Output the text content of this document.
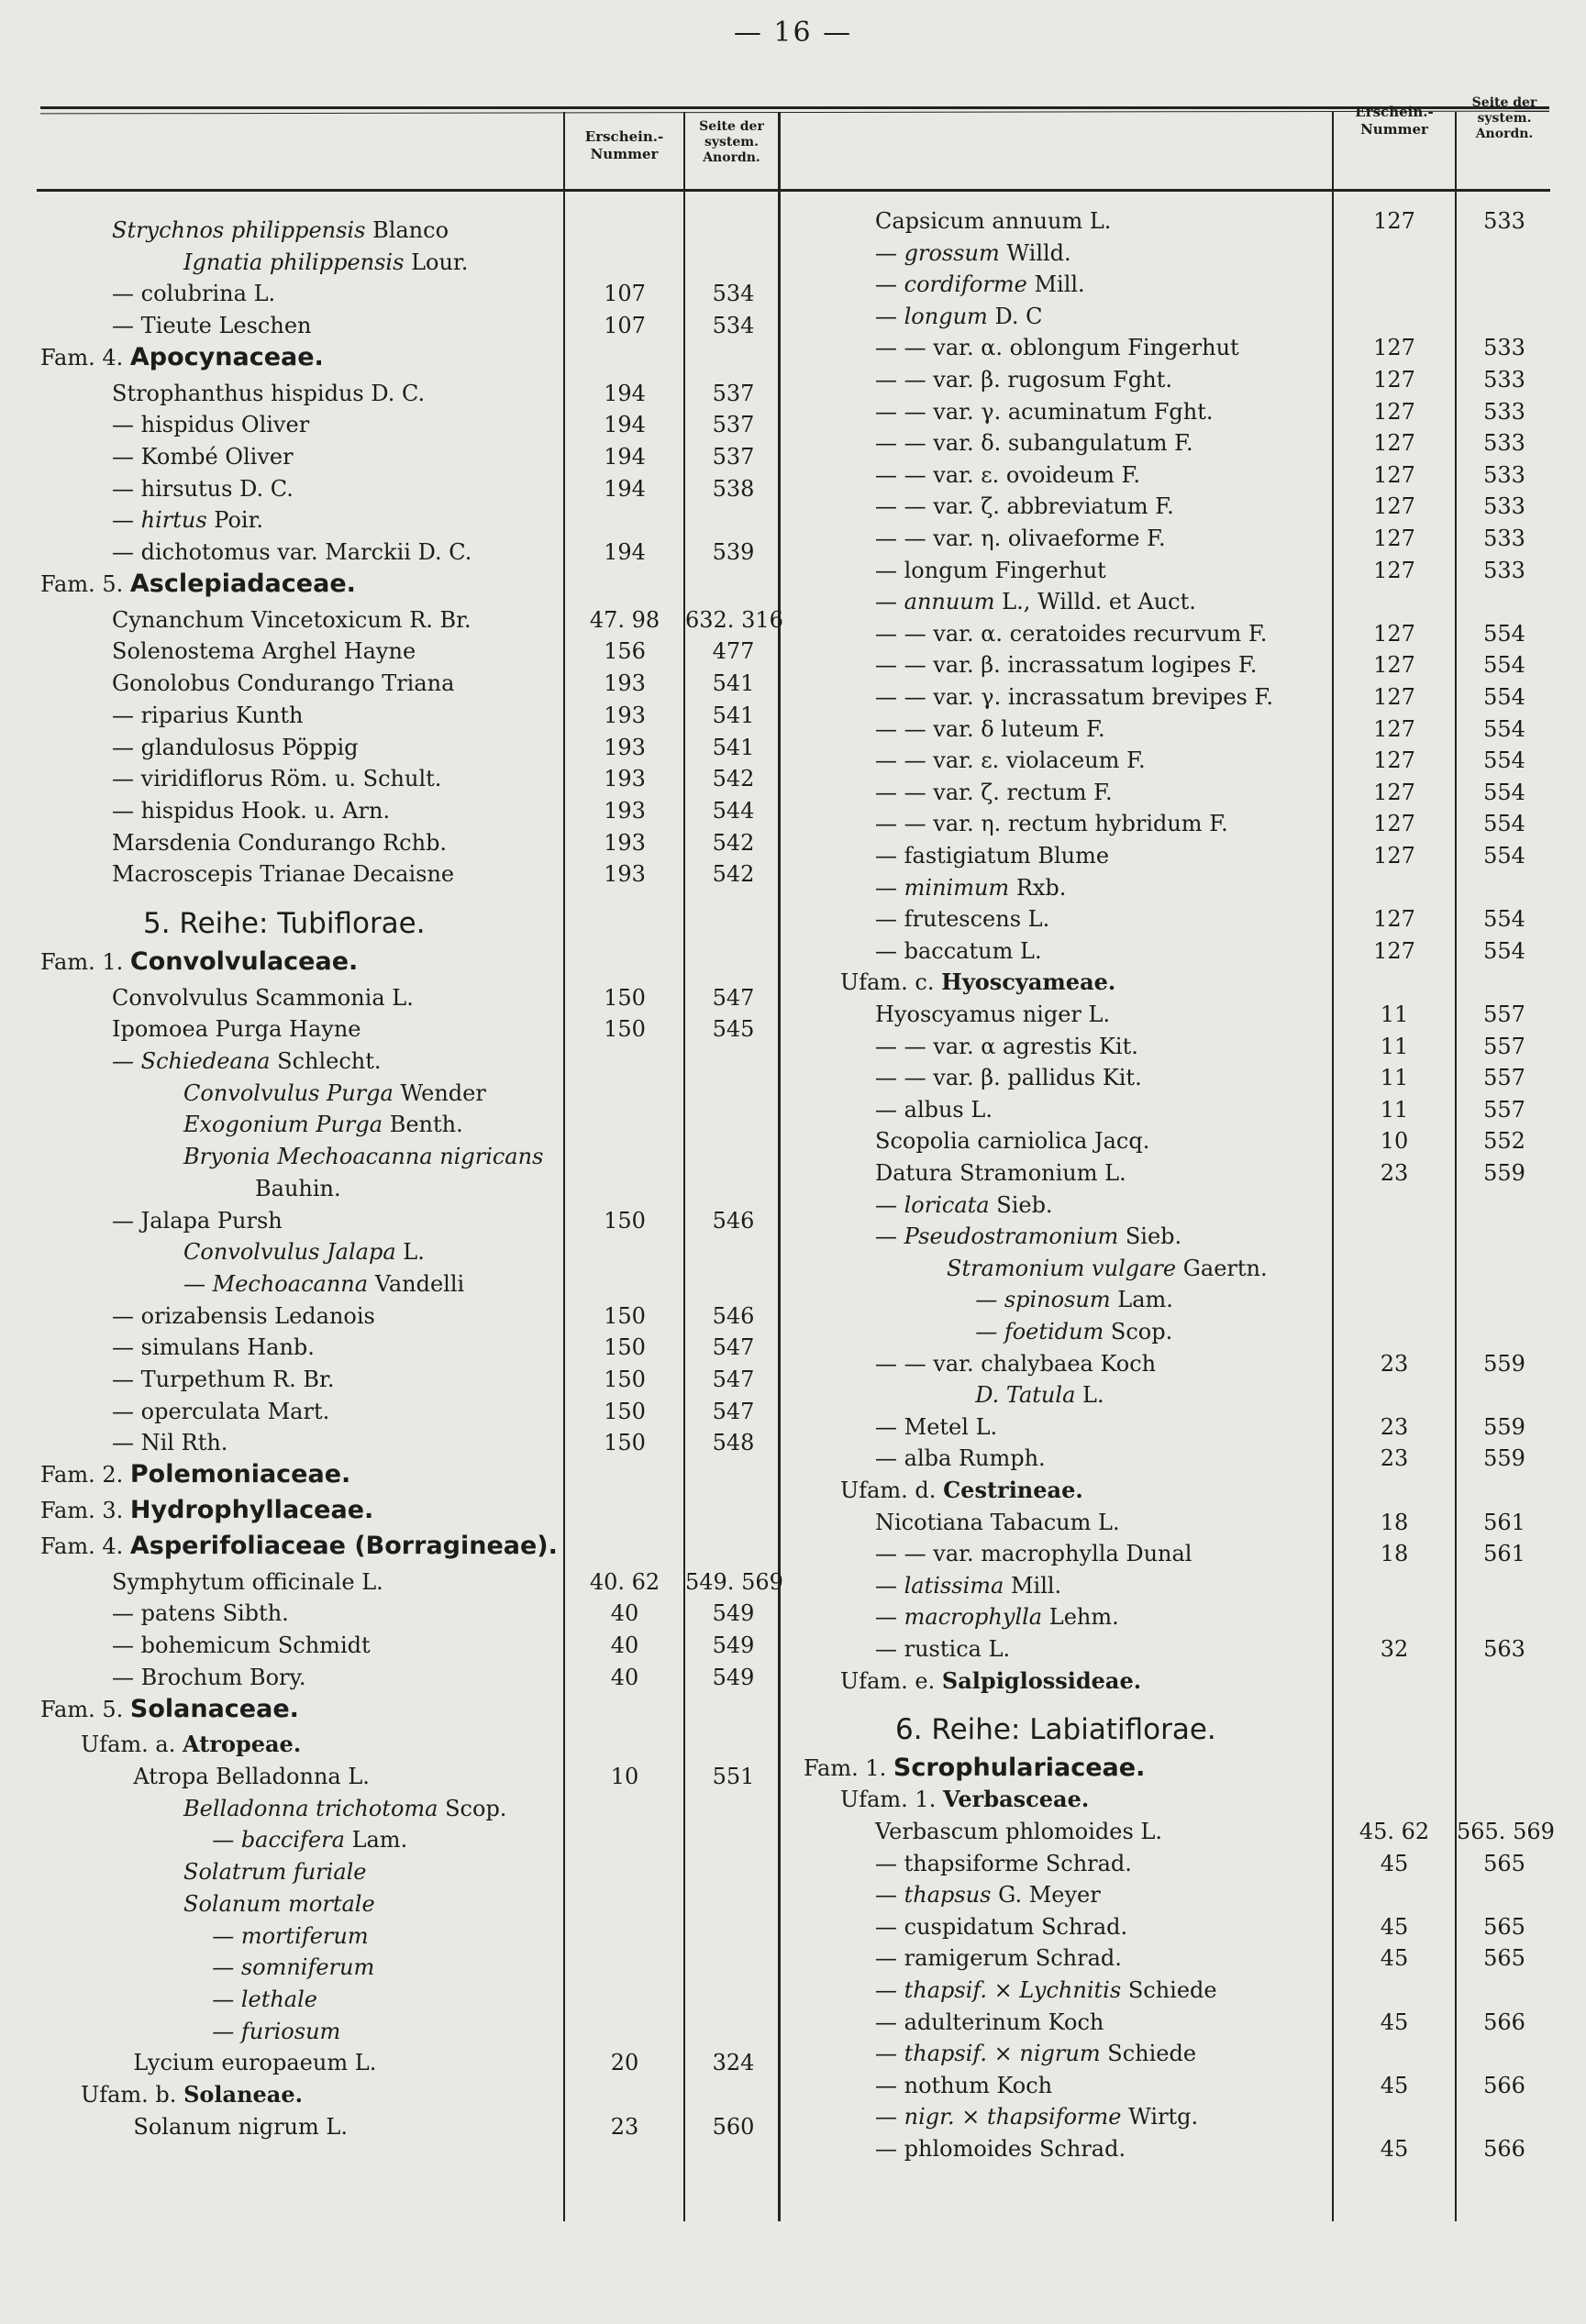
— 16 —
Erschein.-
Nummer
Seite der
system.
Anordn.
Erschein.-
Nummer
Seite der
system.
Anordn.
Strychnos philippensis Blanco
Ignatia philippensis Lour.
— colubrina L.	107	534
— Tieute Leschen	107	534
Fam. 4. Apocynaceae.
Strophanthus hispidus D. C.	194	537
— hispidus Oliver	194	537
— Kombé Oliver	194	537
— hirsutus D. C.	194	538
— hirtus Poir.
— dichotomus var. Marckii D. C.	194	539
Fam. 5. Asclepiadaceae.
Cynanchum Vincetoxicum R. Br.	47. 98	632. 316
Solenostema Arghel Hayne	156	477
Gonolobus Condurango Triana	193	541
— riparius Kunth	193	541
— glandulosus Pöppig	193	541
— viridiflorus Röm. u. Schult.	193	542
— hispidus Hook. u. Arn.	193	544
Marsdenia Condurango Rchb.	193	542
Macroscepis Trianae Decaisne	193	542
5. Reihe: Tubiflorae.
Fam. 1. Convolvulaceae.
Convolvulus Scammonia L.	150	547
Ipomoea Purga Hayne	150	545
— Schiedeana Schlecht.
Convolvulus Purga Wender
Exogonium Purga Benth.
Bryonia Mechoacanna nigricans
Bauhin.
— Jalapa Pursh	150	546
Convolvulus Jalapa L.
— Mechoacanna Vandelli
— orizabensis Ledanois	150	546
— simulans Hanb.	150	547
— Turpethum R. Br.	150	547
— operculata Mart.	150	547
— Nil Rth.	150	548
Fam. 2. Polemoniaceae.
Fam. 3. Hydrophyllaceae.
Fam. 4. Asperifoliaceae (Borragineae).
Symphytum officinale L.	40. 62	549. 569
— patens Sibth.	40	549
— bohemicum Schmidt	40	549
— Brochum Bory.	40	549
Fam. 5. Solanaceae.
Ufam. a. Atropeae.
Atropa Belladonna L.	10	551
Belladonna trichotoma Scop.
— baccifera Lam.
Solatrum furiale
Solanum mortale
— mortiferum
— somniferum
— lethale
— furiosum
Lycium europaeum L.	20	324
Ufam. b. Solaneae.
Solanum nigrum L.	23	560
Capsicum annuum L.	127	533
— grossum Willd.
— cordiforme Mill.
— longum D. C
— — var. α. oblongum Fingerhut	127	533
— — var. β. rugosum Fght.	127	533
— — var. γ. acuminatum Fght.	127	533
— — var. δ. subangulatum F.	127	533
— — var. ε. ovoideum F.	127	533
— — var. ζ. abbreviatum F.	127	533
— — var. η. olivaeforme F.	127	533
— longum Fingerhut	127	533
— annuum L., Willd. et Auct.
— — var. α. ceratoides recurvum F.	127	554
— — var. β. incrassatum logipes F.	127	554
— — var. γ. incrassatum brevipes F.	127	554
— — var. δ luteum F.	127	554
— — var. ε. violaceum F.	127	554
— — var. ζ. rectum F.	127	554
— — var. η. rectum hybridum F.	127	554
— fastigiatum Blume	127	554
— minimum Rxb.
— frutescens L.	127	554
— baccatum L.	127	554
Ufam. c. Hyoscyameae.
Hyoscyamus niger L.	11	557
— — var. α agrestis Kit.	11	557
— — var. β. pallidus Kit.	11	557
— albus L.	11	557
Scopolia carniolica Jacq.	10	552
Datura Stramonium L.	23	559
— loricata Sieb.
— Pseudostramonium Sieb.
Stramonium vulgare Gaertn.
— spinosum Lam.
— foetidum Scop.
— — var. chalybaea Koch	23	559
D. Tatula L.
— Metel L.	23	559
— alba Rumph.	23	559
Ufam. d. Cestrineae.
Nicotiana Tabacum L.	18	561
— — var. macrophylla Dunal	18	561
— latissima Mill.
— macrophylla Lehm.
— rustica L.	32	563
Ufam. e. Salpiglossideae.
6. Reihe: Labiatiflorae.
Fam. 1. Scrophulariaceae.
Ufam. 1. Verbasceae.
Verbascum phlomoides L.	45. 62	565. 569
— thapsiforme Schrad.	45	565
— thapsus G. Meyer
— cuspidatum Schrad.	45	565
— ramigerum Schrad.	45	565
— thapsif. × Lychnitis Schiede
— adulterinum Koch	45	566
— thapsif. × nigrum Schiede
— nothum Koch	45	566
— nigr. × thapsiforme Wirtg.
— phlomoides Schrad.	45	566
